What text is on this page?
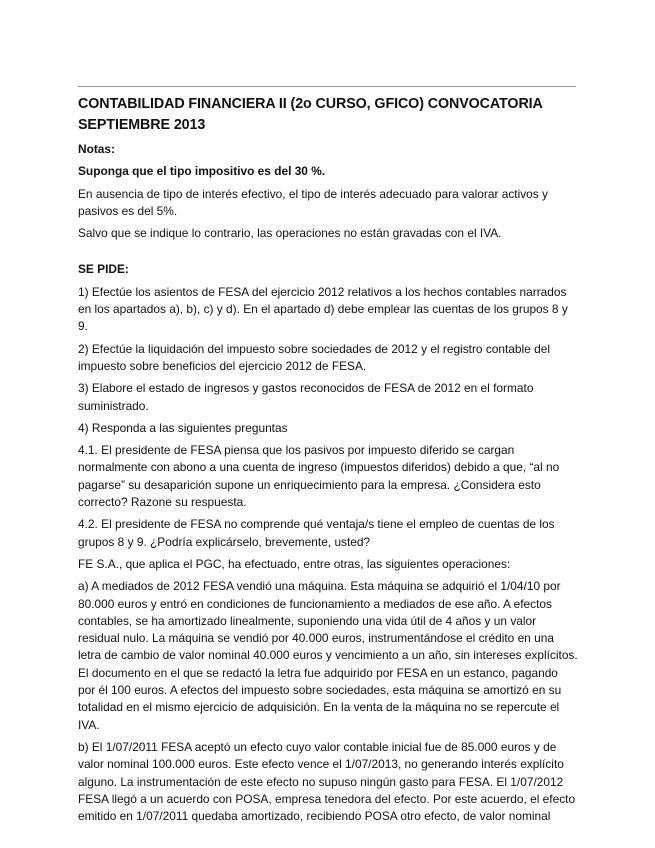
CONTABILIDAD FINANCIERA II (2o CURSO, GFICO) CONVOCATORIA SEPTIEMBRE 2013

Notas:

Suponga que el tipo impositivo es del 30 %.

En ausencia de tipo de interés efectivo, el tipo de interés adecuado para valorar activos y pasivos es del 5%.

Salvo que se indique lo contrario, las operaciones no están gravadas con el IVA.

SE PIDE:

1) Efectúe los asientos de FESA del ejercicio 2012 relativos a los hechos contables narrados en los apartados a), b), c) y d). En el apartado d) debe emplear las cuentas de los grupos 8 y 9.

2) Efectúe la liquidación del impuesto sobre sociedades de 2012 y el registro contable del impuesto sobre beneficios del ejercicio 2012 de FESA.

3) Elabore el estado de ingresos y gastos reconocidos de FESA de 2012 en el formato suministrado.

4) Responda a las siguientes preguntas

4.1. El presidente de FESA piensa que los pasivos por impuesto diferido se cargan normalmente con abono a una cuenta de ingreso (impuestos diferidos) debido a que, “al no pagarse” su desaparición supone un enriquecimiento para la empresa. ¿Considera esto correcto? Razone su respuesta.

4.2. El presidente de FESA no comprende qué ventaja/s tiene el empleo de cuentas de los grupos 8 y 9. ¿Podría explicárselo, brevemente, usted?

FE S.A., que aplica el PGC, ha efectuado, entre otras, las siguientes operaciones:

a) A mediados de 2012 FESA vendió una máquina. Esta máquina se adquirió el 1/04/10 por 80.000 euros y entró en condiciones de funcionamiento a mediados de ese año. A efectos contables, se ha amortizado linealmente, suponiendo una vida útil de 4 años y un valor residual nulo. La máquina se vendió por 40.000 euros, instrumentándose el crédito en una letra de cambio de valor nominal 40.000 euros y vencimiento a un año, sin intereses explícitos. El documento en el que se redactó la letra fue adquirido por FESA en un estanco, pagando por él 100 euros. A efectos del impuesto sobre sociedades, esta máquina se amortizó en su totalidad en el mismo ejercicio de adquisición. En la venta de la máquina no se repercute el IVA.

b) El 1/07/2011 FESA aceptó un efecto cuyo valor contable inicial fue de 85.000 euros y de valor nominal 100.000 euros. Este efecto vence el 1/07/2013, no generando interés explícito alguno. La instrumentación de este efecto no supuso ningún gasto para FESA. El 1/07/2012 FESA llegó a un acuerdo con POSA, empresa tenedora del efecto. Por este acuerdo, el efecto emitido en 1/07/2011 quedaba amortizado, recibiendo POSA otro efecto, de valor nominal
